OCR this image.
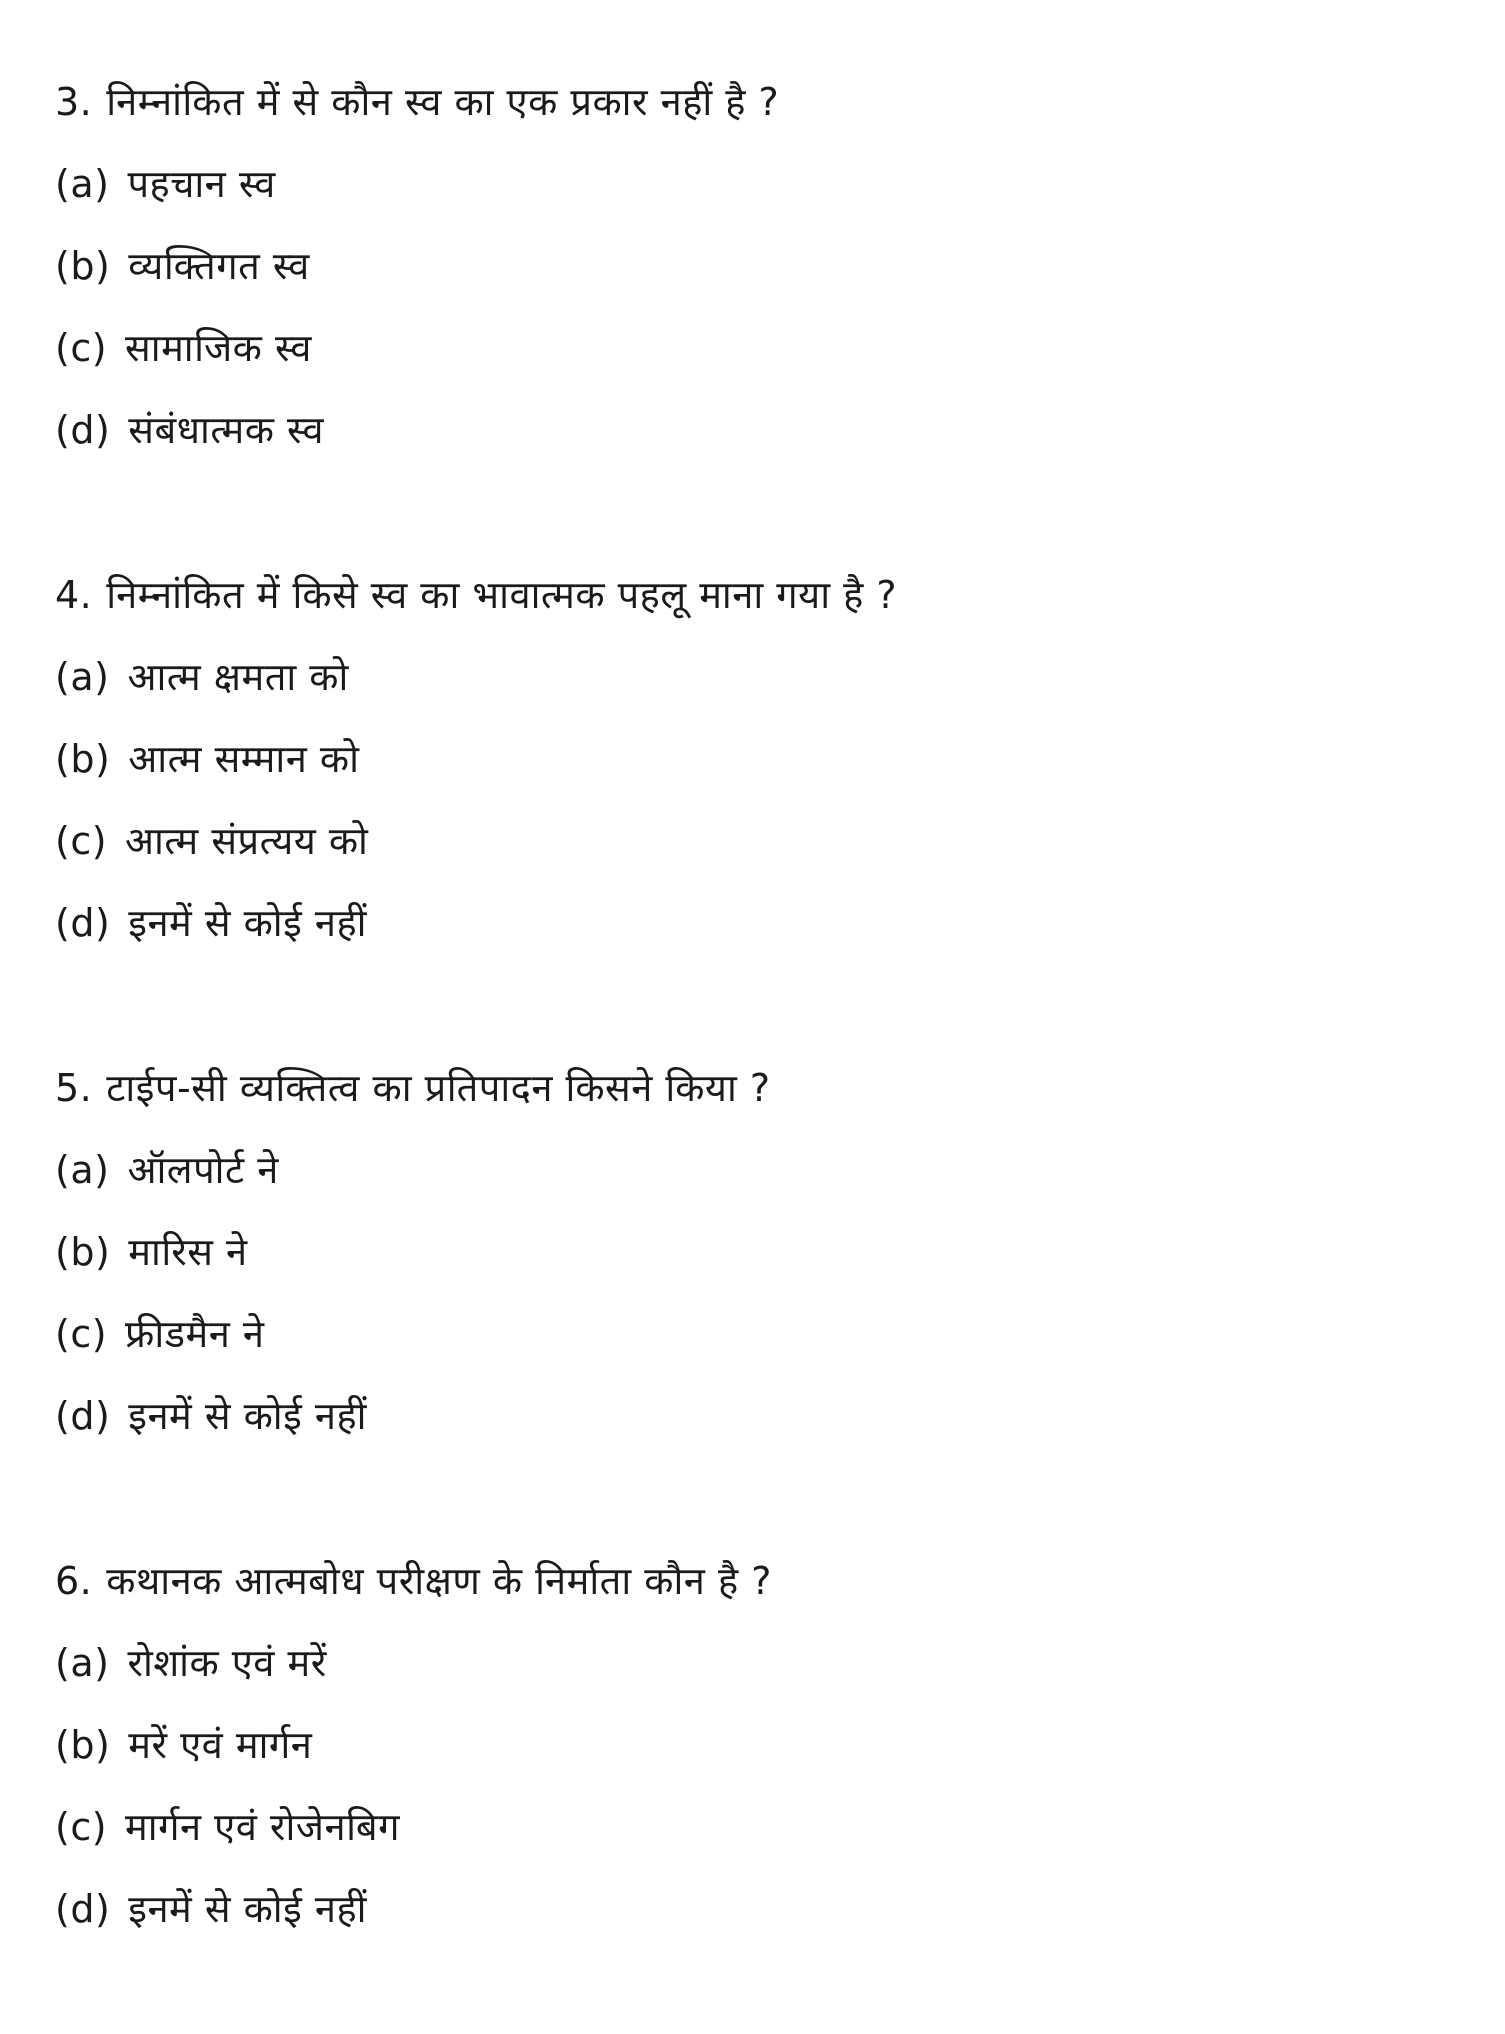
3. निम्नांकित में से कौन स्व का एक प्रकार नहीं है ?
(a) पहचान स्व
(b) व्यक्तिगत स्व
(c) सामाजिक स्व
(d) संबंधात्मक स्व
4. निम्नांकित में किसे स्व का भावात्मक पहलू माना गया है ?
(a) आत्म क्षमता को
(b) आत्म सम्मान को
(c) आत्म संप्रत्यय को
(d) इनमें से कोई नहीं
5. टाईप-सी व्यक्तित्व का प्रतिपादन किसने किया ?
(a) ऑलपोर्ट ने
(b) मारिस ने
(c) फ्रीडमैन ने
(d) इनमें से कोई नहीं
6. कथानक आत्मबोध परीक्षण के निर्माता कौन है ?
(a) रोशांक एवं मरें
(b) मरें एवं मार्गन
(c) मार्गन एवं रोजेनबिग
(d) इनमें से कोई नहीं
